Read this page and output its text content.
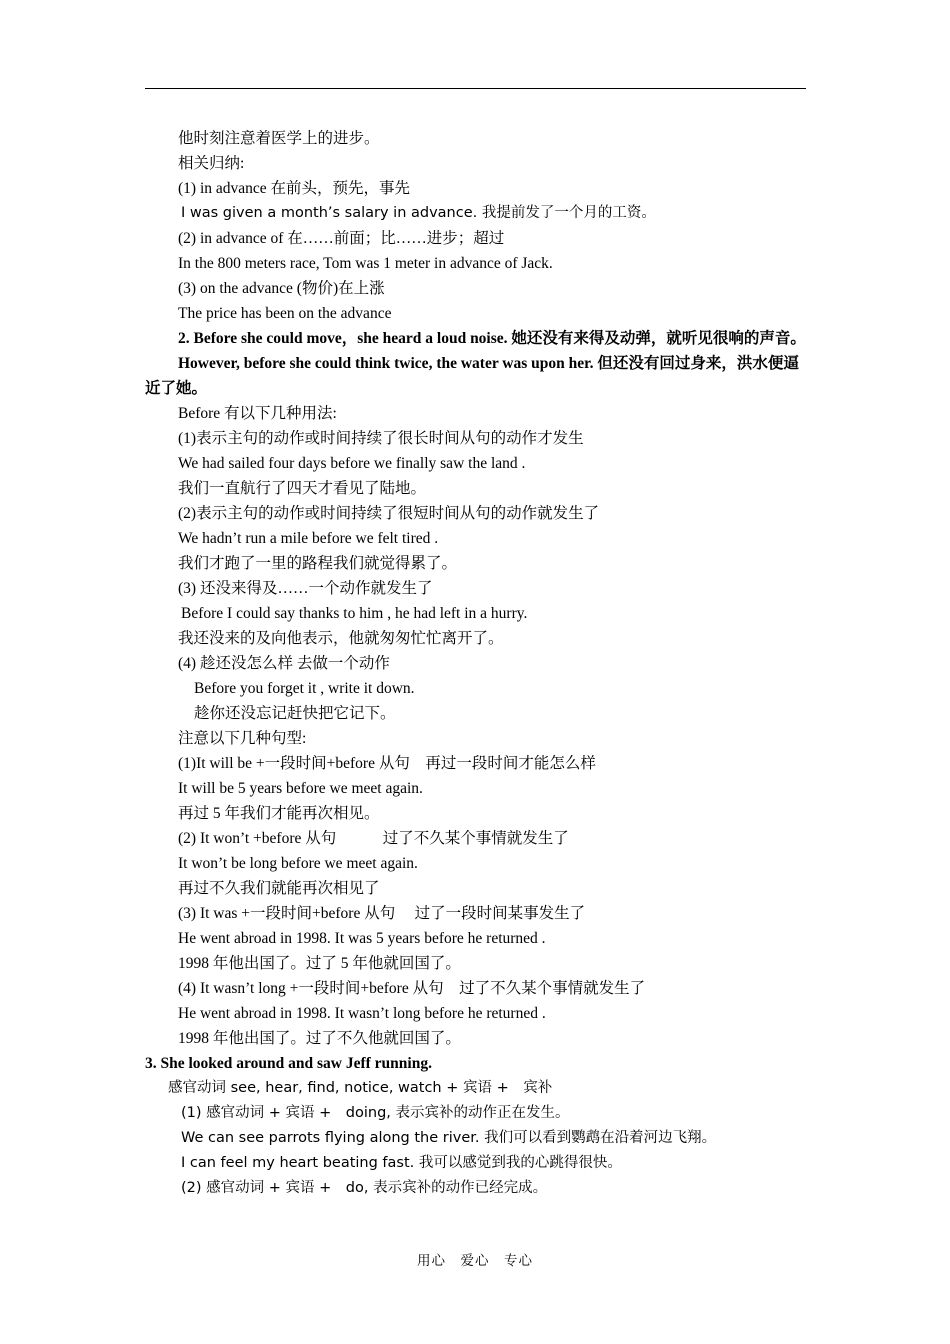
他时刻注意着医学上的进步。
相关归纳:
(1) in advance 在前头，预先，事先
I was given a month’s salary in advance. 我提前发了一个月的工资。
(2) in advance of 在……前面；比……进步；超过
In the 800 meters race, Tom was 1 meter in advance of Jack.
(3) on the advance (物价)在上涨
The price has been on the advance
2. Before she could move，she heard a loud noise. 她还没有来得及动弹，就听见很响的声音。
However, before she could think twice, the water was upon her. 但还没有回过身来，洪水便逼近了她。
Before 有以下几种用法:
(1)表示主句的动作或时间持续了很长时间从句的动作才发生
We had sailed four days before we finally saw the land .
我们一直航行了四天才看见了陆地。
(2)表示主句的动作或时间持续了很短时间从句的动作就发生了
We hadn’t run a mile before we felt tired .
我们才跑了一里的路程我们就觉得累了。
(3) 还没来得及……一个动作就发生了
Before I could say thanks to him , he had left in a hurry.
我还没来的及向他表示，他就匆匆忙忙离开了。
(4) 趁还没怎么样 去做一个动作
Before you forget it , write it down.
趁你还没忘记赶快把它记下。
注意以下几种句型:
(1)It will be +一段时间+before 从句　再过一段时间才能怎么样
It will be 5 years before we meet again.
再过 5 年我们才能再次相见。
(2) It won’t +before 从句　　　过了不久某个事情就发生了
It won’t be long before we meet again.
再过不久我们就能再次相见了
(3) It was +一段时间+before 从句　 过了一段时间某事发生了
He went abroad in 1998. It was 5 years before he returned .
1998 年他出国了。过了 5 年他就回国了。
(4) It wasn’t long +一段时间+before 从句　过了不久某个事情就发生了
He went abroad in 1998. It wasn’t long before he returned .
1998 年他出国了。过了不久他就回国了。
3. She looked around and saw Jeff running.
感官动词 see, hear, find, notice, watch + 宾语 +　宾补
(1) 感官动词 + 宾语 +　doing, 表示宾补的动作正在发生。
We can see parrots flying along the river. 我们可以看到鹦鹉在沿着河边飞翔。
I can feel my heart beating fast. 我可以感觉到我的心跳得很快。
(2) 感官动词 + 宾语 +　do, 表示宾补的动作已经完成。
用心　爱心　专心
